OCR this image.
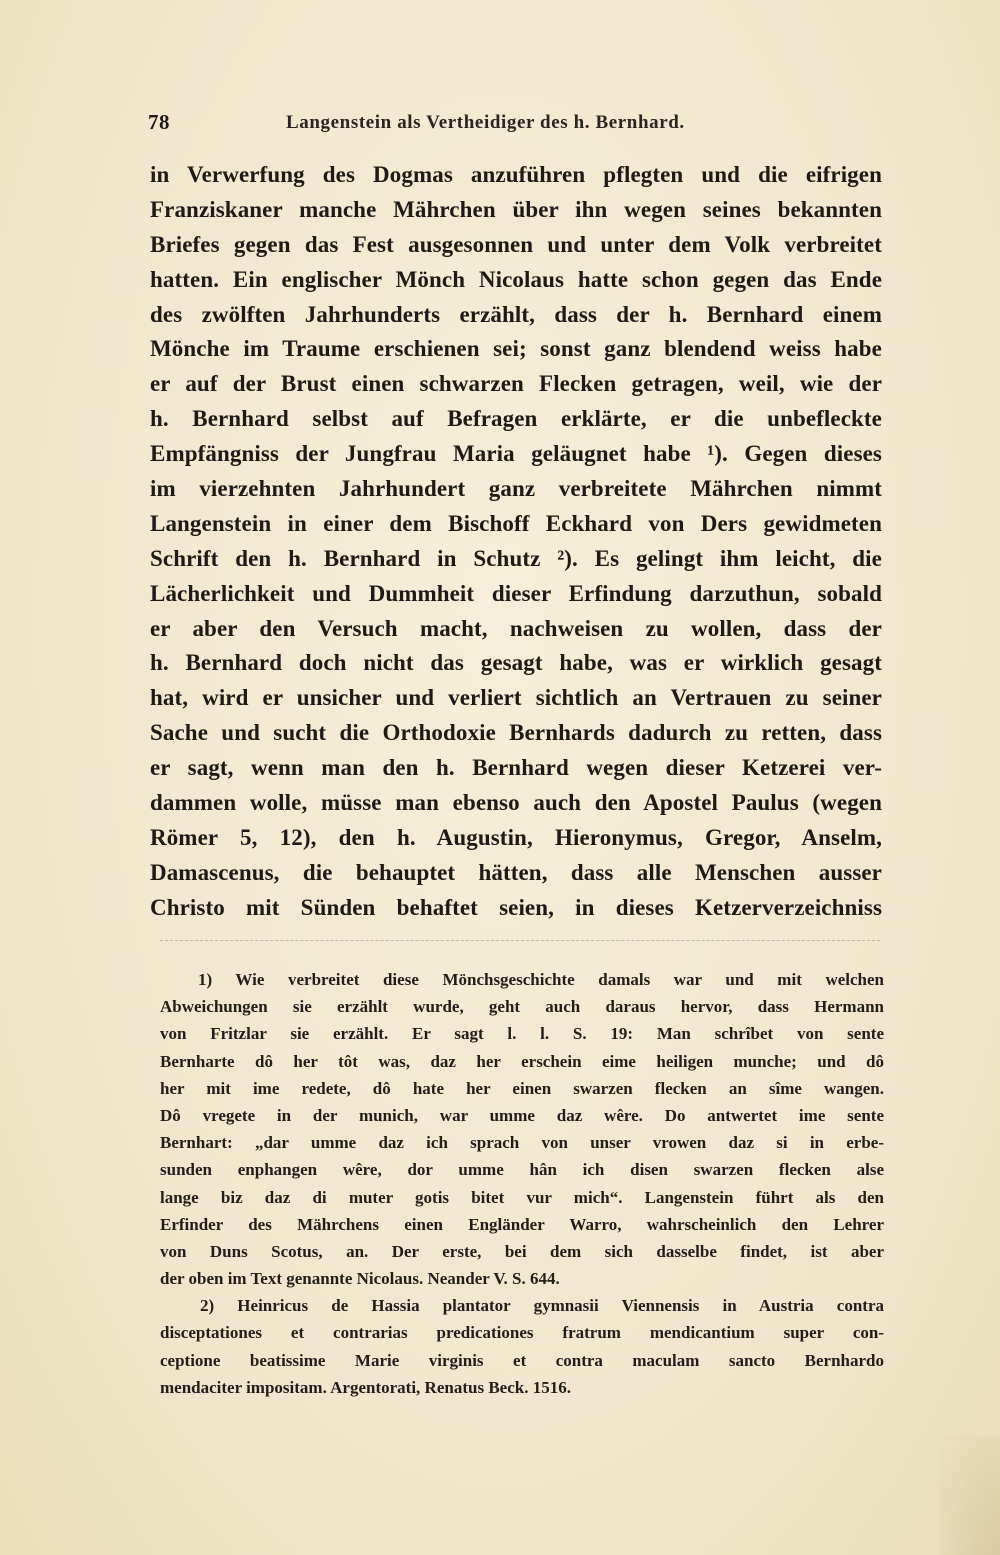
78	Langenstein als Vertheidiger des h. Bernhard.
in Verwerfung des Dogmas anzuführen pflegten und die eifrigen
Franziskaner manche Mährchen über ihn wegen seines bekannten
Briefes gegen das Fest ausgesonnen und unter dem Volk verbreitet
hatten. Ein englischer Mönch Nicolaus hatte schon gegen das Ende
des zwölften Jahrhunderts erzählt, dass der h. Bernhard einem
Mönche im Traume erschienen sei; sonst ganz blendend weiss habe
er auf der Brust einen schwarzen Flecken getragen, weil, wie der
h. Bernhard selbst auf Befragen erklärte, er die unbefleckte
Empfängniss der Jungfrau Maria geläugnet habe ¹). Gegen dieses
im vierzehnten Jahrhundert ganz verbreitete Mährchen nimmt
Langenstein in einer dem Bischoff Eckhard von Ders gewidmeten
Schrift den h. Bernhard in Schutz ²). Es gelingt ihm leicht, die
Lächerlichkeit und Dummheit dieser Erfindung darzuthun, sobald
er aber den Versuch macht, nachweisen zu wollen, dass der
h. Bernhard doch nicht das gesagt habe, was er wirklich gesagt
hat, wird er unsicher und verliert sichtlich an Vertrauen zu seiner
Sache und sucht die Orthodoxie Bernhards dadurch zu retten, dass
er sagt, wenn man den h. Bernhard wegen dieser Ketzerei ver-
dammen wolle, müsse man ebenso auch den Apostel Paulus (wegen
Römer 5, 12), den h. Augustin, Hieronymus, Gregor, Anselm,
Damascenus, die behauptet hätten, dass alle Menschen ausser
Christo mit Sünden behaftet seien, in dieses Ketzerverzeichniss
1) Wie verbreitet diese Mönchsgeschichte damals war und mit welchen
Abweichungen sie erzählt wurde, geht auch daraus hervor, dass Hermann
von Fritzlar sie erzählt. Er sagt l. l. S. 19: Man schrîbet von sente
Bernharte dô her tôt was, daz her erschein eime heiligen munche; und dô
her mit ime redete, dô hate her einen swarzen flecken an sîme wangen.
Dô vregete in der munich, war umme daz wêre. Do antwertet ime sente
Bernhart: „dar umme daz ich sprach von unser vrowen daz si in erbe-
sunden enphangen wêre, dor umme hân ich disen swarzen flecken alse
lange biz daz di muter gotis bitet vur mich“. Langenstein führt als den
Erfinder des Mährchens einen Engländer Warro, wahrscheinlich den Lehrer
von Duns Scotus, an. Der erste, bei dem sich dasselbe findet, ist aber
der oben im Text genannte Nicolaus. Neander V. S. 644.
2) Heinricus de Hassia plantator gymnasii Viennensis in Austria contra
disceptationes et contrarias predicationes fratrum mendicantium super con-
ceptione beatissime Marie virginis et contra maculam sancto Bernhardo
mendaciter impositam. Argentorati, Renatus Beck. 1516.
